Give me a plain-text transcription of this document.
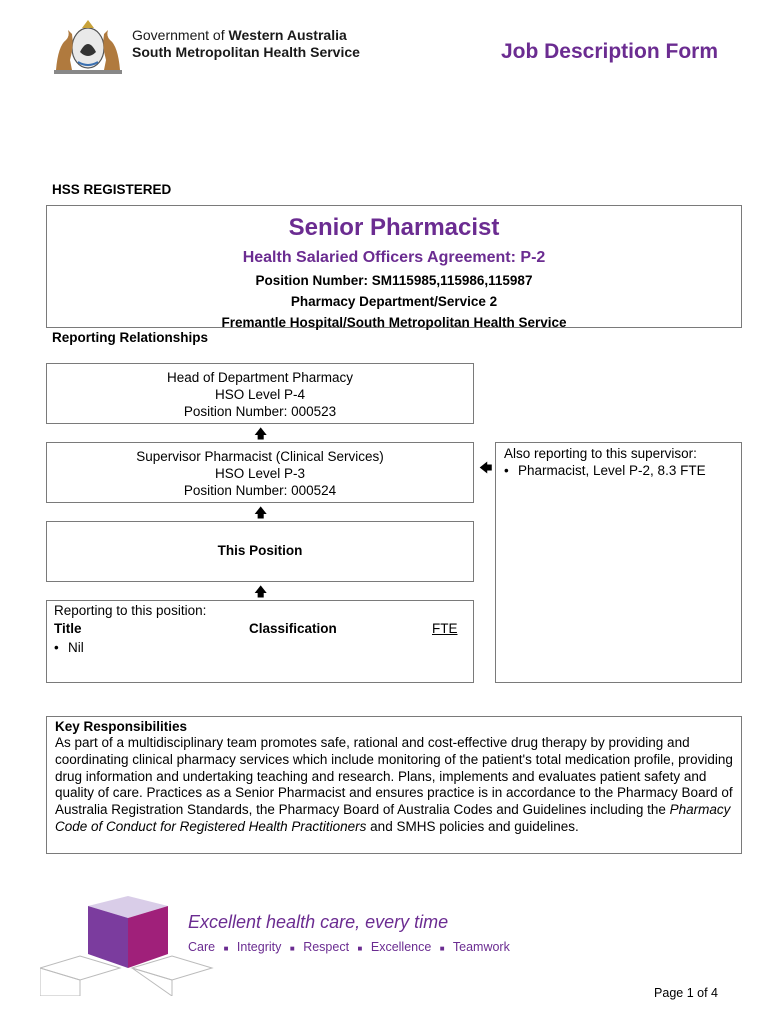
Government of Western Australia
South Metropolitan Health Service	Job Description Form
HSS REGISTERED
Senior Pharmacist
Health Salaried Officers Agreement: P-2
Position Number: SM115985,115986,115987
Pharmacy Department/Service 2
Fremantle Hospital/South Metropolitan Health Service
Reporting Relationships
Head of Department Pharmacy
HSO Level P-4
Position Number: 000523
🡅
Supervisor Pharmacist (Clinical Services)
HSO Level P-3
Position Number: 000524
🡄
🡅
Also reporting to this supervisor:
• Pharmacist, Level P-2, 8.3 FTE
This Position
🡅
Reporting to this position:
Title	Classification	FTE
• Nil
Key Responsibilities
As part of a multidisciplinary team promotes safe, rational and cost-effective drug therapy by providing and coordinating clinical pharmacy services which include monitoring of the patient's total medication profile, providing drug information and undertaking teaching and research. Plans, implements and evaluates patient safety and quality of care. Practices as a Senior Pharmacist and ensures practice is in accordance to the Pharmacy Board of Australia Registration Standards, the Pharmacy Board of Australia Codes and Guidelines including the Pharmacy Code of Conduct for Registered Health Practitioners and SMHS policies and guidelines.
Excellent health care, every time
Care ■ Integrity ■ Respect ■ Excellence ■ Teamwork
Page 1 of 4
